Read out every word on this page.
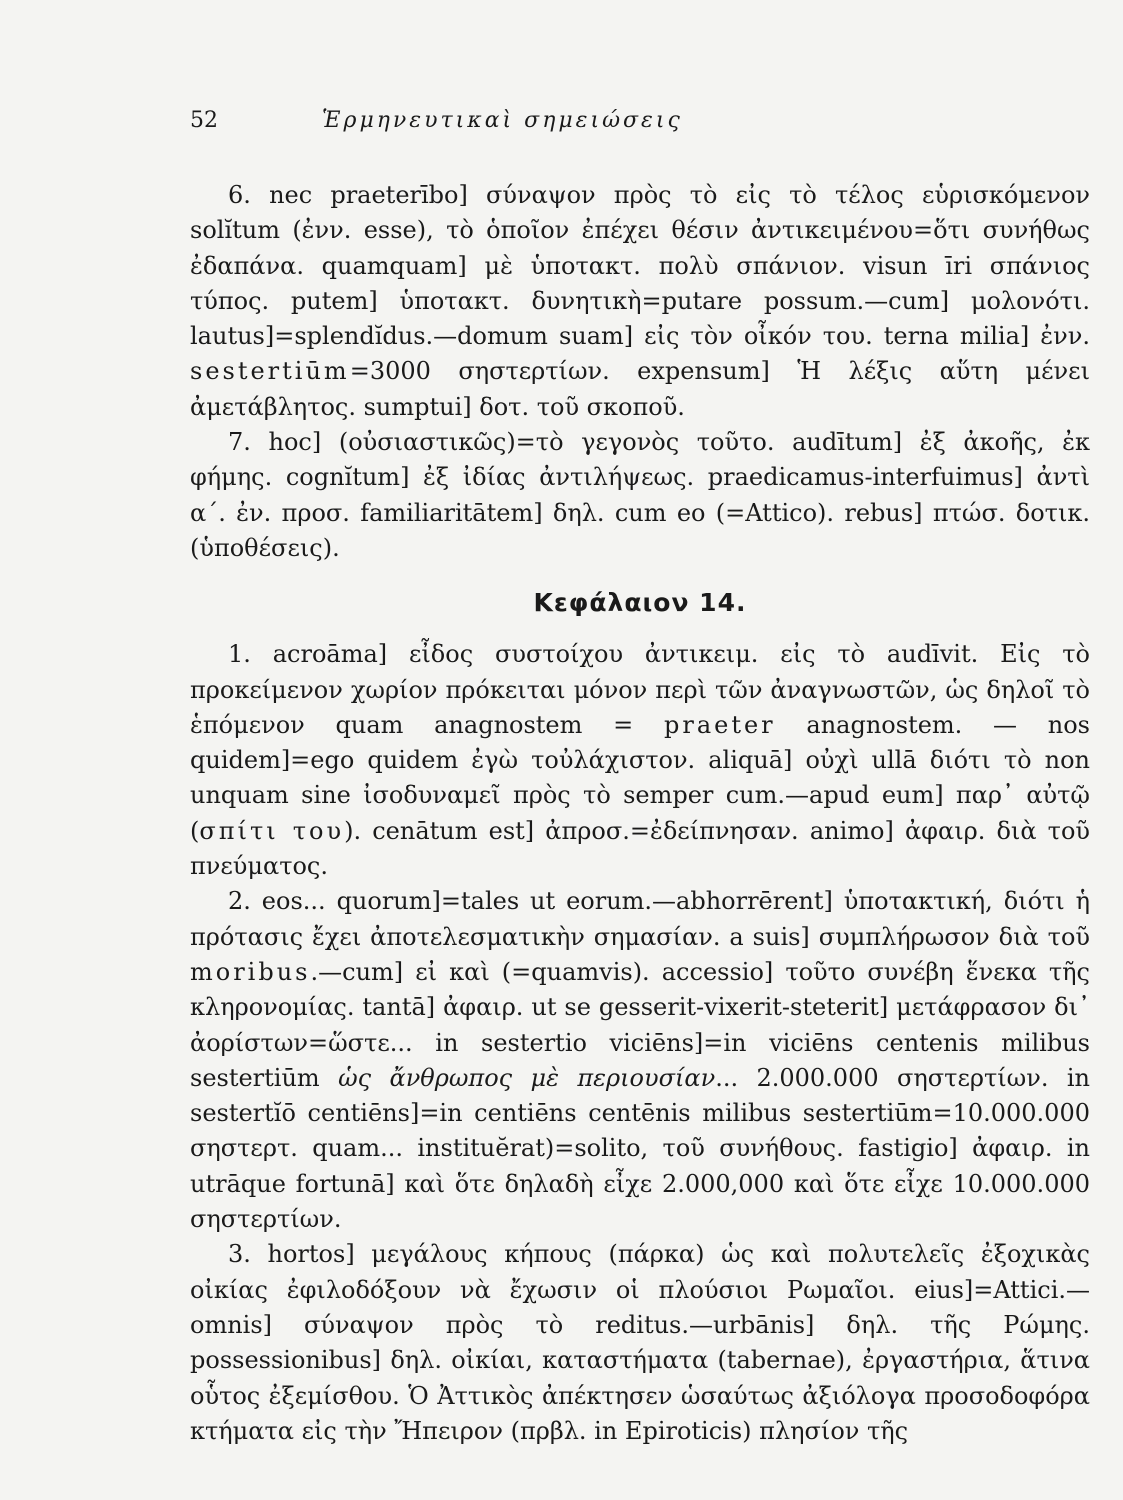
52	Ἑρμηνευτικαὶ σημειώσεις

6. nec praeterībo] σύναψον πρὸς τὸ εἰς τὸ τέλος εὑρισκόμενον solĭtum (ἐνν. esse), τὸ ὁποῖον ἐπέχει θέσιν ἀντικειμένου=ὅτι συνήθως ἐδαπάνα. quamquam] μὲ ὑποτακτ. πολὺ σπάνιον. visun īri σπάνιος τύπος. putem] ὑποτακτ. δυνητικὴ=putare possum.—cum] μολονότι. lautus]=splendĭdus.—domum suam] εἰς τὸν οἶκόν του. terna milia] ἐνν. sestertiūm=3000 σηστερτίων. expensum] Ἡ λέξις αὕτη μένει ἀμετάβλητος. sumptui] δοτ. τοῦ σκοποῦ.

7. hoc] (οὐσιαστικῶς)=τὸ γεγονὸς τοῦτο. audītum] ἐξ ἀκοῆς, ἐκ φήμης. cognĭtum] ἐξ ἰδίας ἀντιλήψεως. praedicamus-interfuimus] ἀντὶ α΄. ἐν. προσ. familiaritātem] δηλ. cum eo (=Attico). rebus] πτώσ. δοτικ. (ὑποθέσεις).

Κεφάλαιον 14.

1. acroāma] εἶδος συστοίχου ἀντικειμ. εἰς τὸ audīvit. Εἰς τὸ προκείμενον χωρίον πρόκειται μόνον περὶ τῶν ἀναγνωστῶν, ὡς δηλοῖ τὸ ἑπόμενον quam anagnostem = praeter anagnostem. — nos quidem]=ego quidem ἐγὼ τοὐλάχιστον. aliquā] οὐχὶ ullā διότι τὸ non unquam sine ἰσοδυναμεῖ πρὸς τὸ semper cum.—apud eum] παρ᾽ αὐτῷ (σπίτι του). cenātum est] ἀπροσ.=ἐδείπνησαν. animo] ἀφαιρ. διὰ τοῦ πνεύματος.

2. eos... quorum]=tales ut eorum.—abhorrērent] ὑποτακτική, διότι ἡ πρότασις ἔχει ἀποτελεσματικὴν σημασίαν. a suis] συμπλήρωσον διὰ τοῦ moribus.—cum] εἰ καὶ (=quamvis). accessio] τοῦτο συνέβη ἕνεκα τῆς κληρονομίας. tantā] ἀφαιρ. ut se gesserit-vixerit-steterit] μετάφρασον δι᾽ ἀορίστων=ὥστε... in sestertio viciēns]=in viciēns centenis milibus sestertiūm ὡς ἄνθρωπος μὲ περιουσίαν... 2.000.000 σηστερτίων. in sestertĭō centiēns]=in centiēns centēnis milibus sestertiūm=10.000.000 σηστερτ. quam... instituĕrat)=solito, τοῦ συνήθους. fastigio] ἀφαιρ. in utrāque fortunā] καὶ ὅτε δηλαδὴ εἶχε 2.000,000 καὶ ὅτε εἶχε 10.000.000 σηστερτίων.

3. hortos] μεγάλους κήπους (πάρκα) ὡς καὶ πολυτελεῖς ἐξοχικὰς οἰκίας ἐφιλοδόξουν νὰ ἔχωσιν οἱ πλούσιοι Ρωμαῖοι. eius]=Attici.— omnis] σύναψον πρὸς τὸ reditus.—urbānis] δηλ. τῆς Ρώμης. possessionibus] δηλ. οἰκίαι, καταστήματα (tabernae), ἐργαστήρια, ἅτινα οὗτος ἐξεμίσθου. Ὁ Ἀττικὸς ἀπέκτησεν ὡσαύτως ἀξιόλογα προσοδοφόρα κτήματα εἰς τὴν Ἤπειρον (πρβλ. in Epiroticis) πλησίον τῆς
